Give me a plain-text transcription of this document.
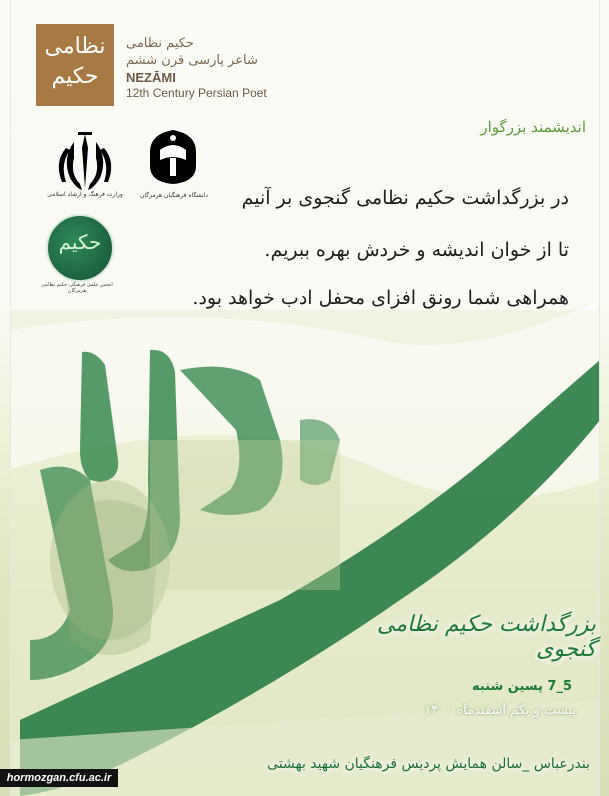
نظامی حکیم
حکیم نظامی
شاعر پارسی قرن ششم
NEZĀMI
12th Century Persian Poet
وزارت فرهنگ و ارشاد اسلامی	دانشگاه فرهنگیان هرمزگان
حکیم
انجمن علمی فرهنگی حکیم نظامی هرمزگان
اندیشمند بزرگوار
در بزرگداشت حکیم نظامی گنجوی بر آنیم
تا از خوان اندیشه و خردش بهره ببریم.
همراهی شما رونق افزای محفل ادب خواهد بود.
بزرگداشت حکیم نظامی گنجوی
5_7 پسین شنبه
بیست و یکم اسفندماه ۱۴۰۰
بندرعباس _سالن همایش پردیس فرهنگیان شهید بهشتی
hormozgan.cfu.ac.ir
